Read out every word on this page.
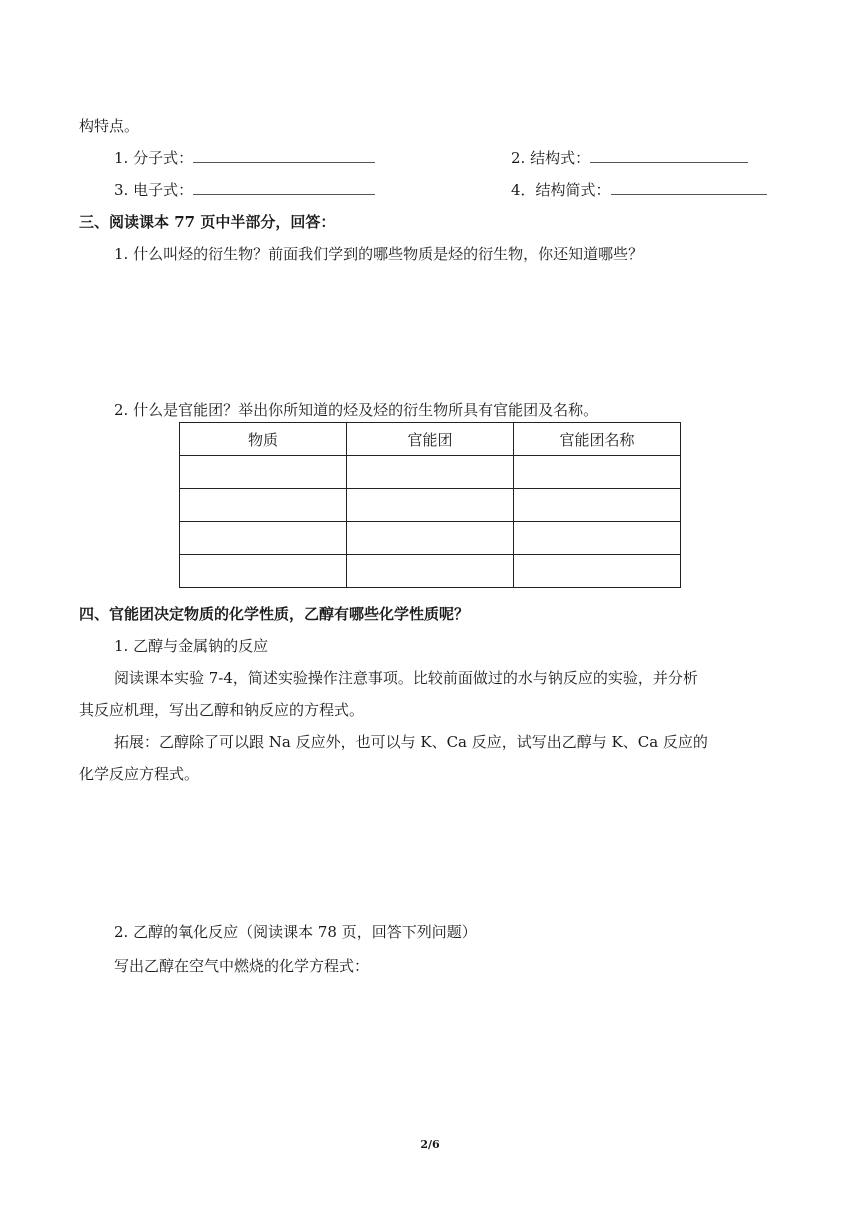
构特点。
1. 分子式：	2. 结构式：
3. 电子式：	4．结构简式：
三、阅读课本 77 页中半部分，回答：
1. 什么叫烃的衍生物？前面我们学到的哪些物质是烃的衍生物，你还知道哪些？
2. 什么是官能团？举出你所知道的烃及烃的衍生物所具有官能团及名称。
物质	官能团	官能团名称

四、官能团决定物质的化学性质，乙醇有哪些化学性质呢？
1. 乙醇与金属钠的反应
阅读课本实验 7-4，简述实验操作注意事项。比较前面做过的水与钠反应的实验，并分析
其反应机理，写出乙醇和钠反应的方程式。
拓展：乙醇除了可以跟 Na 反应外，也可以与 K、Ca 反应，试写出乙醇与 K、Ca 反应的
化学反应方程式。
2. 乙醇的氧化反应（阅读课本 78 页，回答下列问题）
写出乙醇在空气中燃烧的化学方程式：
2/6
